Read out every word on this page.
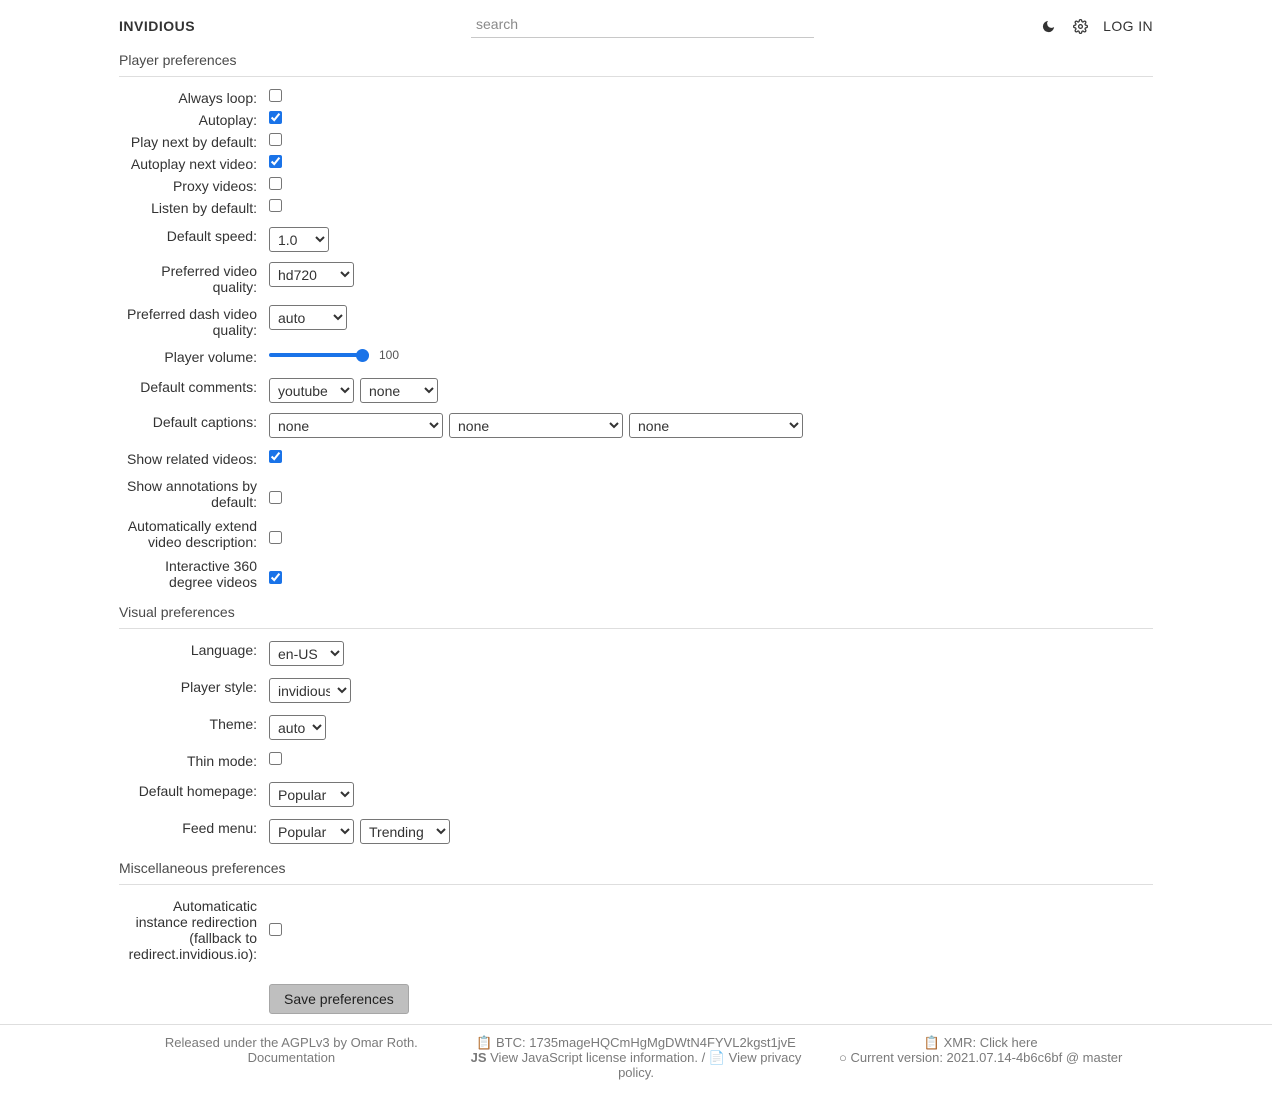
INVIDIOUS
search	LOG IN
Player preferences
Always loop:
Autoplay:
Play next by default:
Autoplay next video:
Proxy videos:
Listen by default:
Default speed:
1.0
Preferred video quality:
hd720
Preferred dash video quality:
auto
Player volume:	100
Default comments:
youtube
none
Default captions:
none
none
none
Show related videos:
Show annotations by default:
Automatically extend video description:
Interactive 360 degree videos
Visual preferences
Language:
en-US
Player style:
invidious
Theme:
auto
Thin mode:
Default homepage:
Popular
Feed menu:
Popular
Trending
Miscellaneous preferences
Automaticatic instance redirection (fallback to redirect.invidious.io):
Save preferences
Released under the AGPLv3 by Omar Roth.
Documentation
📋 BTC: 1735mageHQCmHgMgDWtN4FYVL2kgst1jvE
JS View JavaScript license information. / 📄 View privacy policy.
📋 XMR: Click here
○ Current version: 2021.07.14-4b6c6bf @ master
